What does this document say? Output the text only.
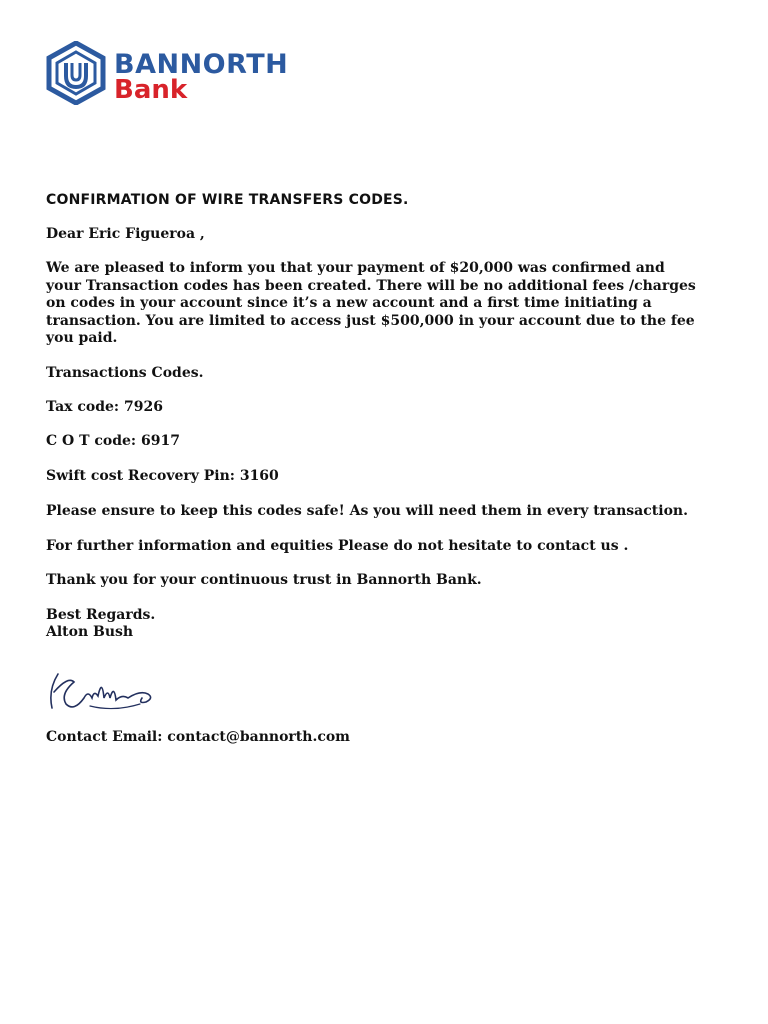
BANNORTH
Bank
CONFIRMATION OF WIRE TRANSFERS CODES.

Dear Eric Figueroa ,

We are pleased to inform you that your payment of $20,000 was confirmed and

your Transaction codes has been created. There will be no additional fees /charges

on codes in your account since it’s a new account and a first time initiating a

transaction. You are limited to access just $500,000 in your account due to the fee

you paid.

Transactions Codes.

Tax code: 7926

C O T code: 6917

Swift cost Recovery Pin: 3160

Please ensure to keep this codes safe! As you will need them in every transaction.

For further information and equities Please do not hesitate to contact us .

Thank you for your continuous trust in Bannorth Bank.

Best Regards.

Alton Bush

Contact Email: contact@bannorth.com
